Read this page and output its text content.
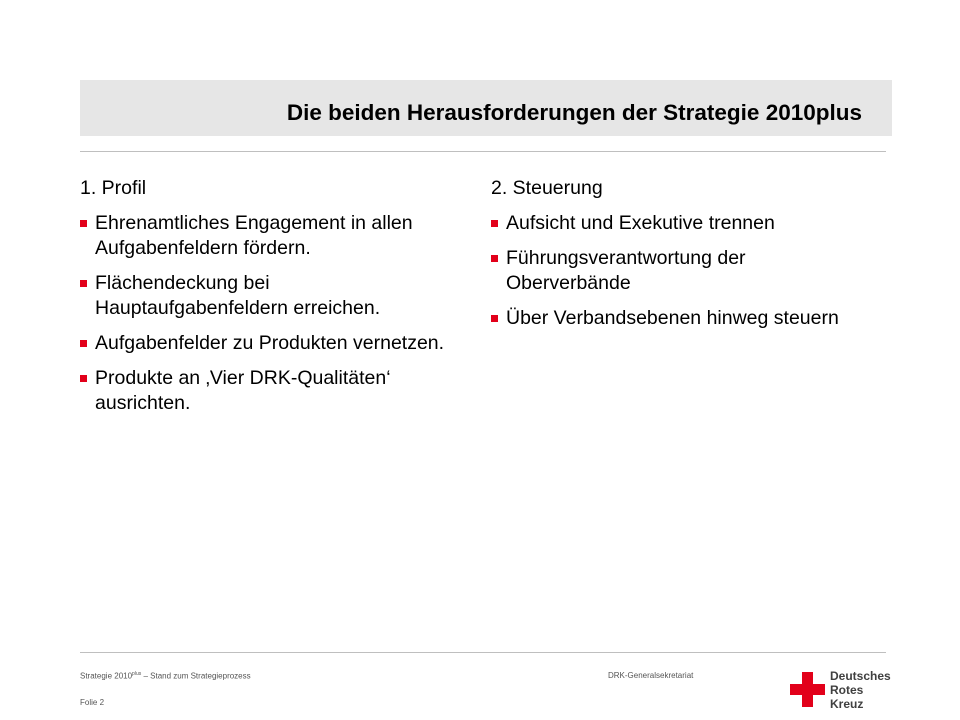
Die beiden Herausforderungen der Strategie 2010plus
1. Profil
Ehrenamtliches Engagement in allen Aufgabenfeldern fördern.
Flächendeckung bei Hauptaufgabenfeldern erreichen.
Aufgabenfelder zu Produkten vernetzen.
Produkte an ‚Vier DRK-Qualitäten‘ ausrichten.
2. Steuerung
Aufsicht und Exekutive trennen
Führungsverantwortung der Oberverbände
Über Verbandsebenen hinweg steuern
Strategie $2010^{plus}$ – Stand zum Strategieprozess
Folie 2
DRK-Generalsekretariat	Deutsches
Rotes
Kreuz
